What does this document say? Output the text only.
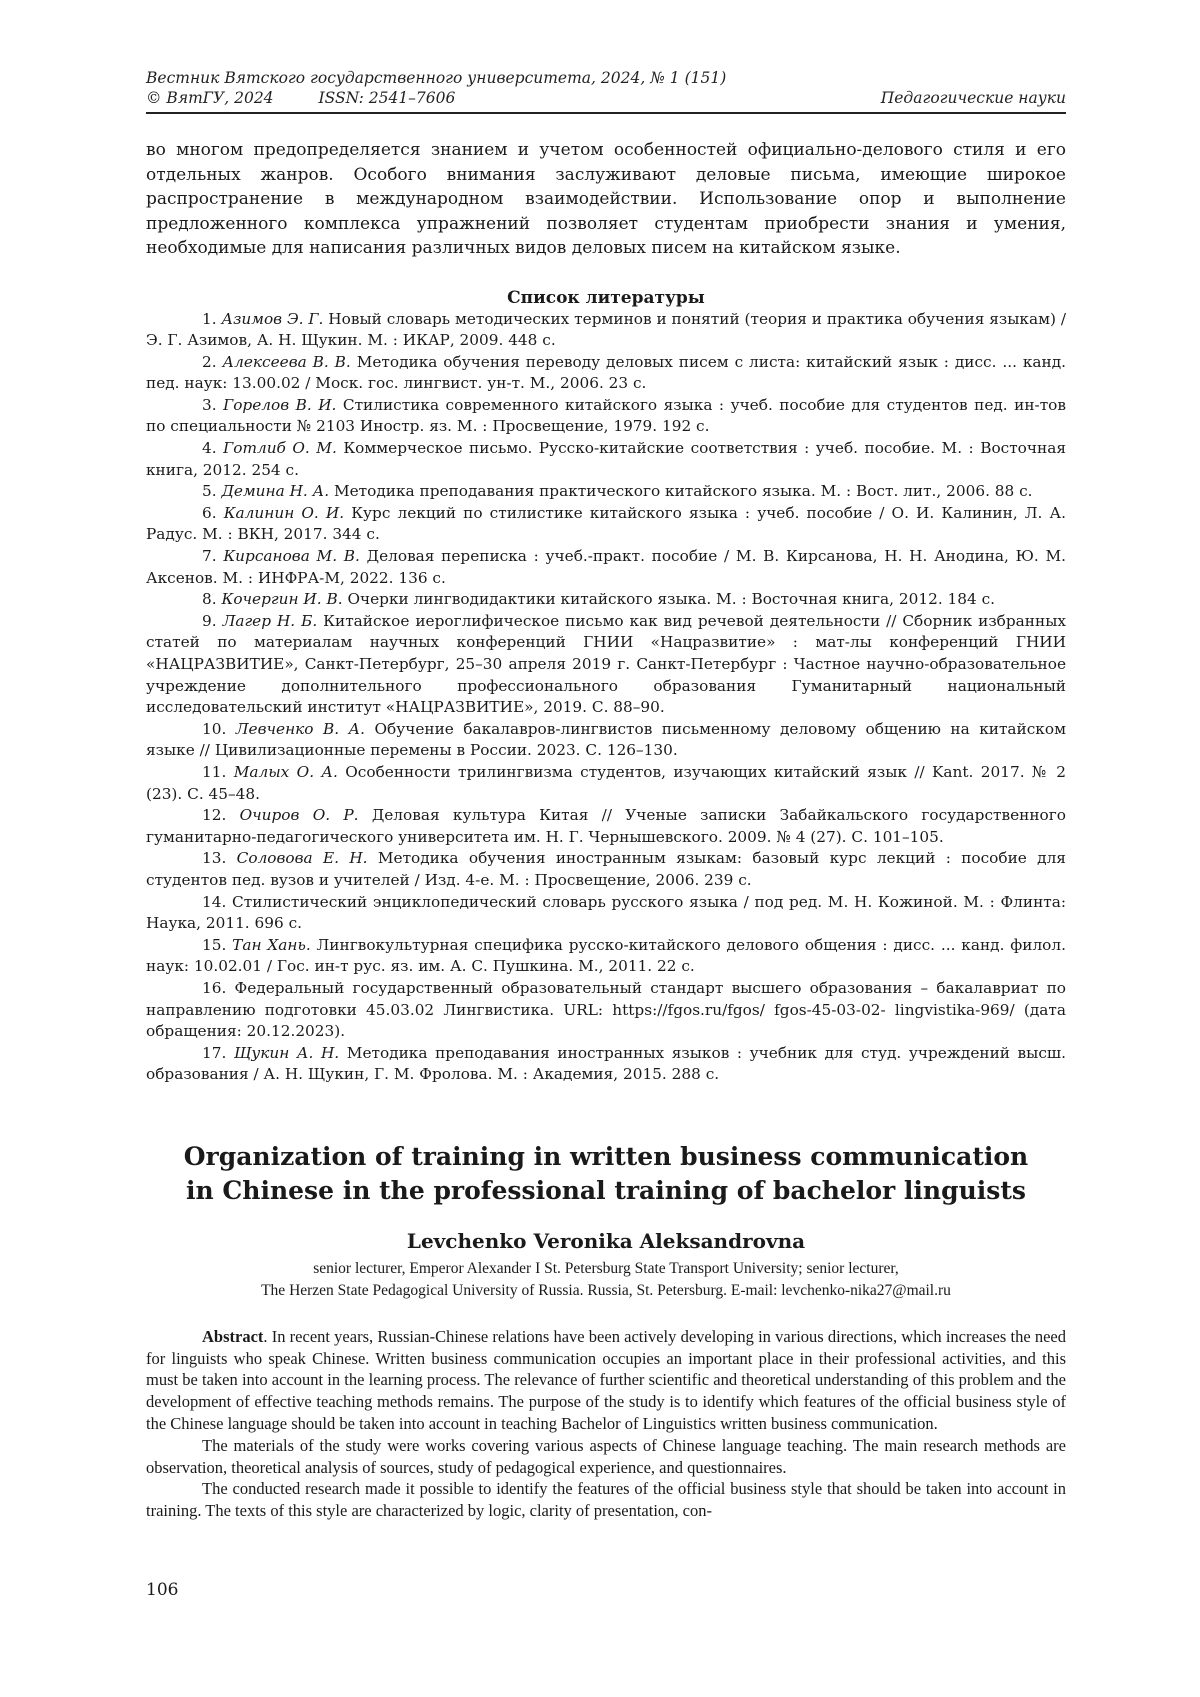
Вестник Вятского государственного университета, 2024, № 1 (151)
© ВятГУ, 2024	ISSN: 2541–7606	Педагогические науки
во многом предопределяется знанием и учетом особенностей официально-делового стиля и его отдельных жанров. Особого внимания заслуживают деловые письма, имеющие широкое распространение в международном взаимодействии. Использование опор и выполнение предложенного комплекса упражнений позволяет студентам приобрести знания и умения, необходимые для написания различных видов деловых писем на китайском языке.
Список литературы
1. Азимов Э. Г. Новый словарь методических терминов и понятий (теория и практика обучения языкам) / Э. Г. Азимов, А. Н. Щукин. М. : ИКАР, 2009. 448 с.
2. Алексеева В. В. Методика обучения переводу деловых писем с листа: китайский язык : дисс. ... канд. пед. наук: 13.00.02 / Моск. гос. лингвист. ун-т. М., 2006. 23 с.
3. Горелов В. И. Стилистика современного китайского языка : учеб. пособие для студентов пед. ин-тов по специальности № 2103 Иностр. яз. М. : Просвещение, 1979. 192 с.
4. Готлиб О. М. Коммерческое письмо. Русско-китайские соответствия : учеб. пособие. М. : Восточная книга, 2012. 254 с.
5. Демина Н. А. Методика преподавания практического китайского языка. М. : Вост. лит., 2006. 88 с.
6. Калинин О. И. Курс лекций по стилистике китайского языка : учеб. пособие / О. И. Калинин, Л. А. Радус. М. : ВКН, 2017. 344 с.
7. Кирсанова М. В. Деловая переписка : учеб.-практ. пособие / М. В. Кирсанова, Н. Н. Анодина, Ю. М. Аксенов. М. : ИНФРА-М, 2022. 136 с.
8. Кочергин И. В. Очерки лингводидактики китайского языка. М. : Восточная книга, 2012. 184 с.
9. Лагер Н. Б. Китайское иероглифическое письмо как вид речевой деятельности // Сборник избранных статей по материалам научных конференций ГНИИ «Нацразвитие» : мат-лы конференций ГНИИ «НАЦРАЗВИТИЕ», Санкт-Петербург, 25–30 апреля 2019 г. Санкт-Петербург : Частное научно-образовательное учреждение дополнительного профессионального образования Гуманитарный национальный исследовательский институт «НАЦРАЗВИТИЕ», 2019. С. 88–90.
10. Левченко В. А. Обучение бакалавров-лингвистов письменному деловому общению на китайском языке // Цивилизационные перемены в России. 2023. С. 126–130.
11. Малых О. А. Особенности трилингвизма студентов, изучающих китайский язык // Kant. 2017. № 2 (23). С. 45–48.
12. Очиров О. Р. Деловая культура Китая // Ученые записки Забайкальского государственного гуманитарно-педагогического университета им. Н. Г. Чернышевского. 2009. № 4 (27). С. 101–105.
13. Соловова Е. Н. Методика обучения иностранным языкам: базовый курс лекций : пособие для студентов пед. вузов и учителей / Изд. 4-е. М. : Просвещение, 2006. 239 с.
14. Стилистический энциклопедический словарь русского языка / под ред. М. Н. Кожиной. М. : Флинта: Наука, 2011. 696 с.
15. Тан Хань. Лингвокультурная специфика русско-китайского делового общения : дисс. ... канд. филол. наук: 10.02.01 / Гос. ин-т рус. яз. им. А. С. Пушкина. М., 2011. 22 с.
16. Федеральный государственный образовательный стандарт высшего образования – бакалавриат по направлению подготовки 45.03.02 Лингвистика. URL: https://fgos.ru/fgos/ fgos-45-03-02- lingvistika-969/ (дата обращения: 20.12.2023).
17. Щукин А. Н. Методика преподавания иностранных языков : учебник для студ. учреждений высш. образования / А. Н. Щукин, Г. М. Фролова. М. : Академия, 2015. 288 с.
Organization of training in written business communication
in Chinese in the professional training of bachelor linguists
Levchenko Veronika Aleksandrovna
senior lecturer, Emperor Alexander I St. Petersburg State Transport University; senior lecturer,
The Herzen State Pedagogical University of Russia. Russia, St. Petersburg. E-mail: levchenko-nika27@mail.ru

Abstract. In recent years, Russian-Chinese relations have been actively developing in various directions, which increases the need for linguists who speak Chinese. Written business communication occupies an important place in their professional activities, and this must be taken into account in the learning process. The relevance of further scientific and theoretical understanding of this problem and the development of effective teaching methods remains. The purpose of the study is to identify which features of the official business style of the Chinese language should be taken into account in teaching Bachelor of Linguistics written business communication.

The materials of the study were works covering various aspects of Chinese language teaching. The main research methods are observation, theoretical analysis of sources, study of pedagogical experience, and questionnaires.

The conducted research made it possible to identify the features of the official business style that should be taken into account in training. The texts of this style are characterized by logic, clarity of presentation, con-

106
